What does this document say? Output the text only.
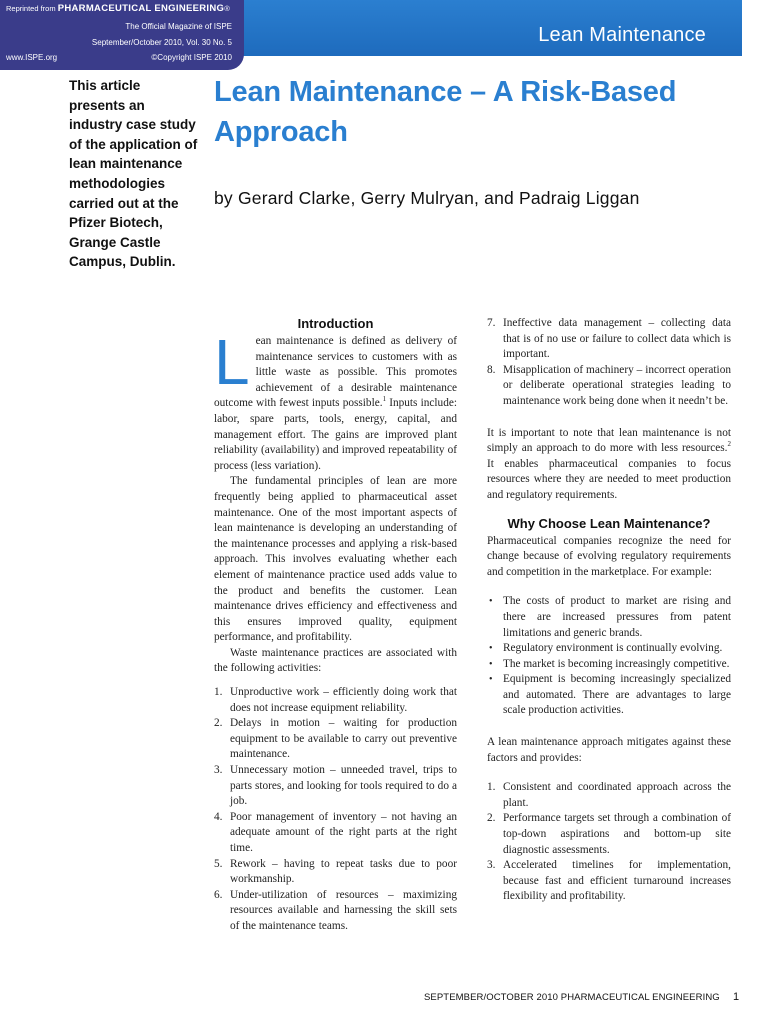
Lean Maintenance
Reprinted from PHARMACEUTICAL ENGINEERING®
The Official Magazine of ISPE
September/October 2010, Vol. 30 No. 5
www.ISPE.org	©Copyright ISPE 2010
This article presents an industry case study of the application of lean maintenance methodologies carried out at the Pfizer Biotech, Grange Castle Campus, Dublin.
Lean Maintenance – A Risk-Based
Approach
by Gerard Clarke, Gerry Mulryan, and Padraig Liggan
Introduction

Lean maintenance is defined as delivery of maintenance services to customers with as little waste as possible. This promotes achievement of a desirable maintenance outcome with fewest inputs possible.$^1$ Inputs include: labor, spare parts, tools, energy, capital, and management effort. The gains are improved plant reliability (availability) and improved repeatability of process (less variation).

The fundamental principles of lean are more frequently being applied to pharmaceutical asset maintenance. One of the most important aspects of lean maintenance is developing an understanding of the maintenance processes and applying a risk-based approach. This involves evaluating whether each element of maintenance practice used adds value to the product and benefits the customer. Lean maintenance drives efficiency and effectiveness and this ensures improved quality, equipment performance, and profitability.

Waste maintenance practices are associated with the following activities:

1. Unproductive work – efficiently doing work that does not increase equipment reliability.
2. Delays in motion – waiting for production equipment to be available to carry out preventive maintenance.
3. Unnecessary motion – unneeded travel, trips to parts stores, and looking for tools required to do a job.
4. Poor management of inventory – not having an adequate amount of the right parts at the right time.
5. Rework – having to repeat tasks due to poor workmanship.
6. Under-utilization of resources – maximizing resources available and harnessing the skill sets of the maintenance teams.
7. Ineffective data management – collecting data that is of no use or failure to collect data which is important.
8. Misapplication of machinery – incorrect operation or deliberate operational strategies leading to maintenance work being done when it needn’t be.

It is important to note that lean maintenance is not simply an approach to do more with less resources.$^2$ It enables pharmaceutical companies to focus resources where they are needed to meet production and regulatory requirements.

Why Choose Lean Maintenance?

Pharmaceutical companies recognize the need for change because of evolving regulatory requirements and competition in the marketplace. For example:

• The costs of product to market are rising and there are increased pressures from patent limitations and generic brands.
• Regulatory environment is continually evolving.
• The market is becoming increasingly competitive.
• Equipment is becoming increasingly specialized and automated. There are advantages to large scale production activities.

A lean maintenance approach mitigates against these factors and provides:

1. Consistent and coordinated approach across the plant.
2. Performance targets set through a combination of top-down aspirations and bottom-up site diagnostic assessments.
3. Accelerated timelines for implementation, because fast and efficient turnaround increases flexibility and profitability.
SEPTEMBER/OCTOBER 2010 PHARMACEUTICAL ENGINEERING 1
